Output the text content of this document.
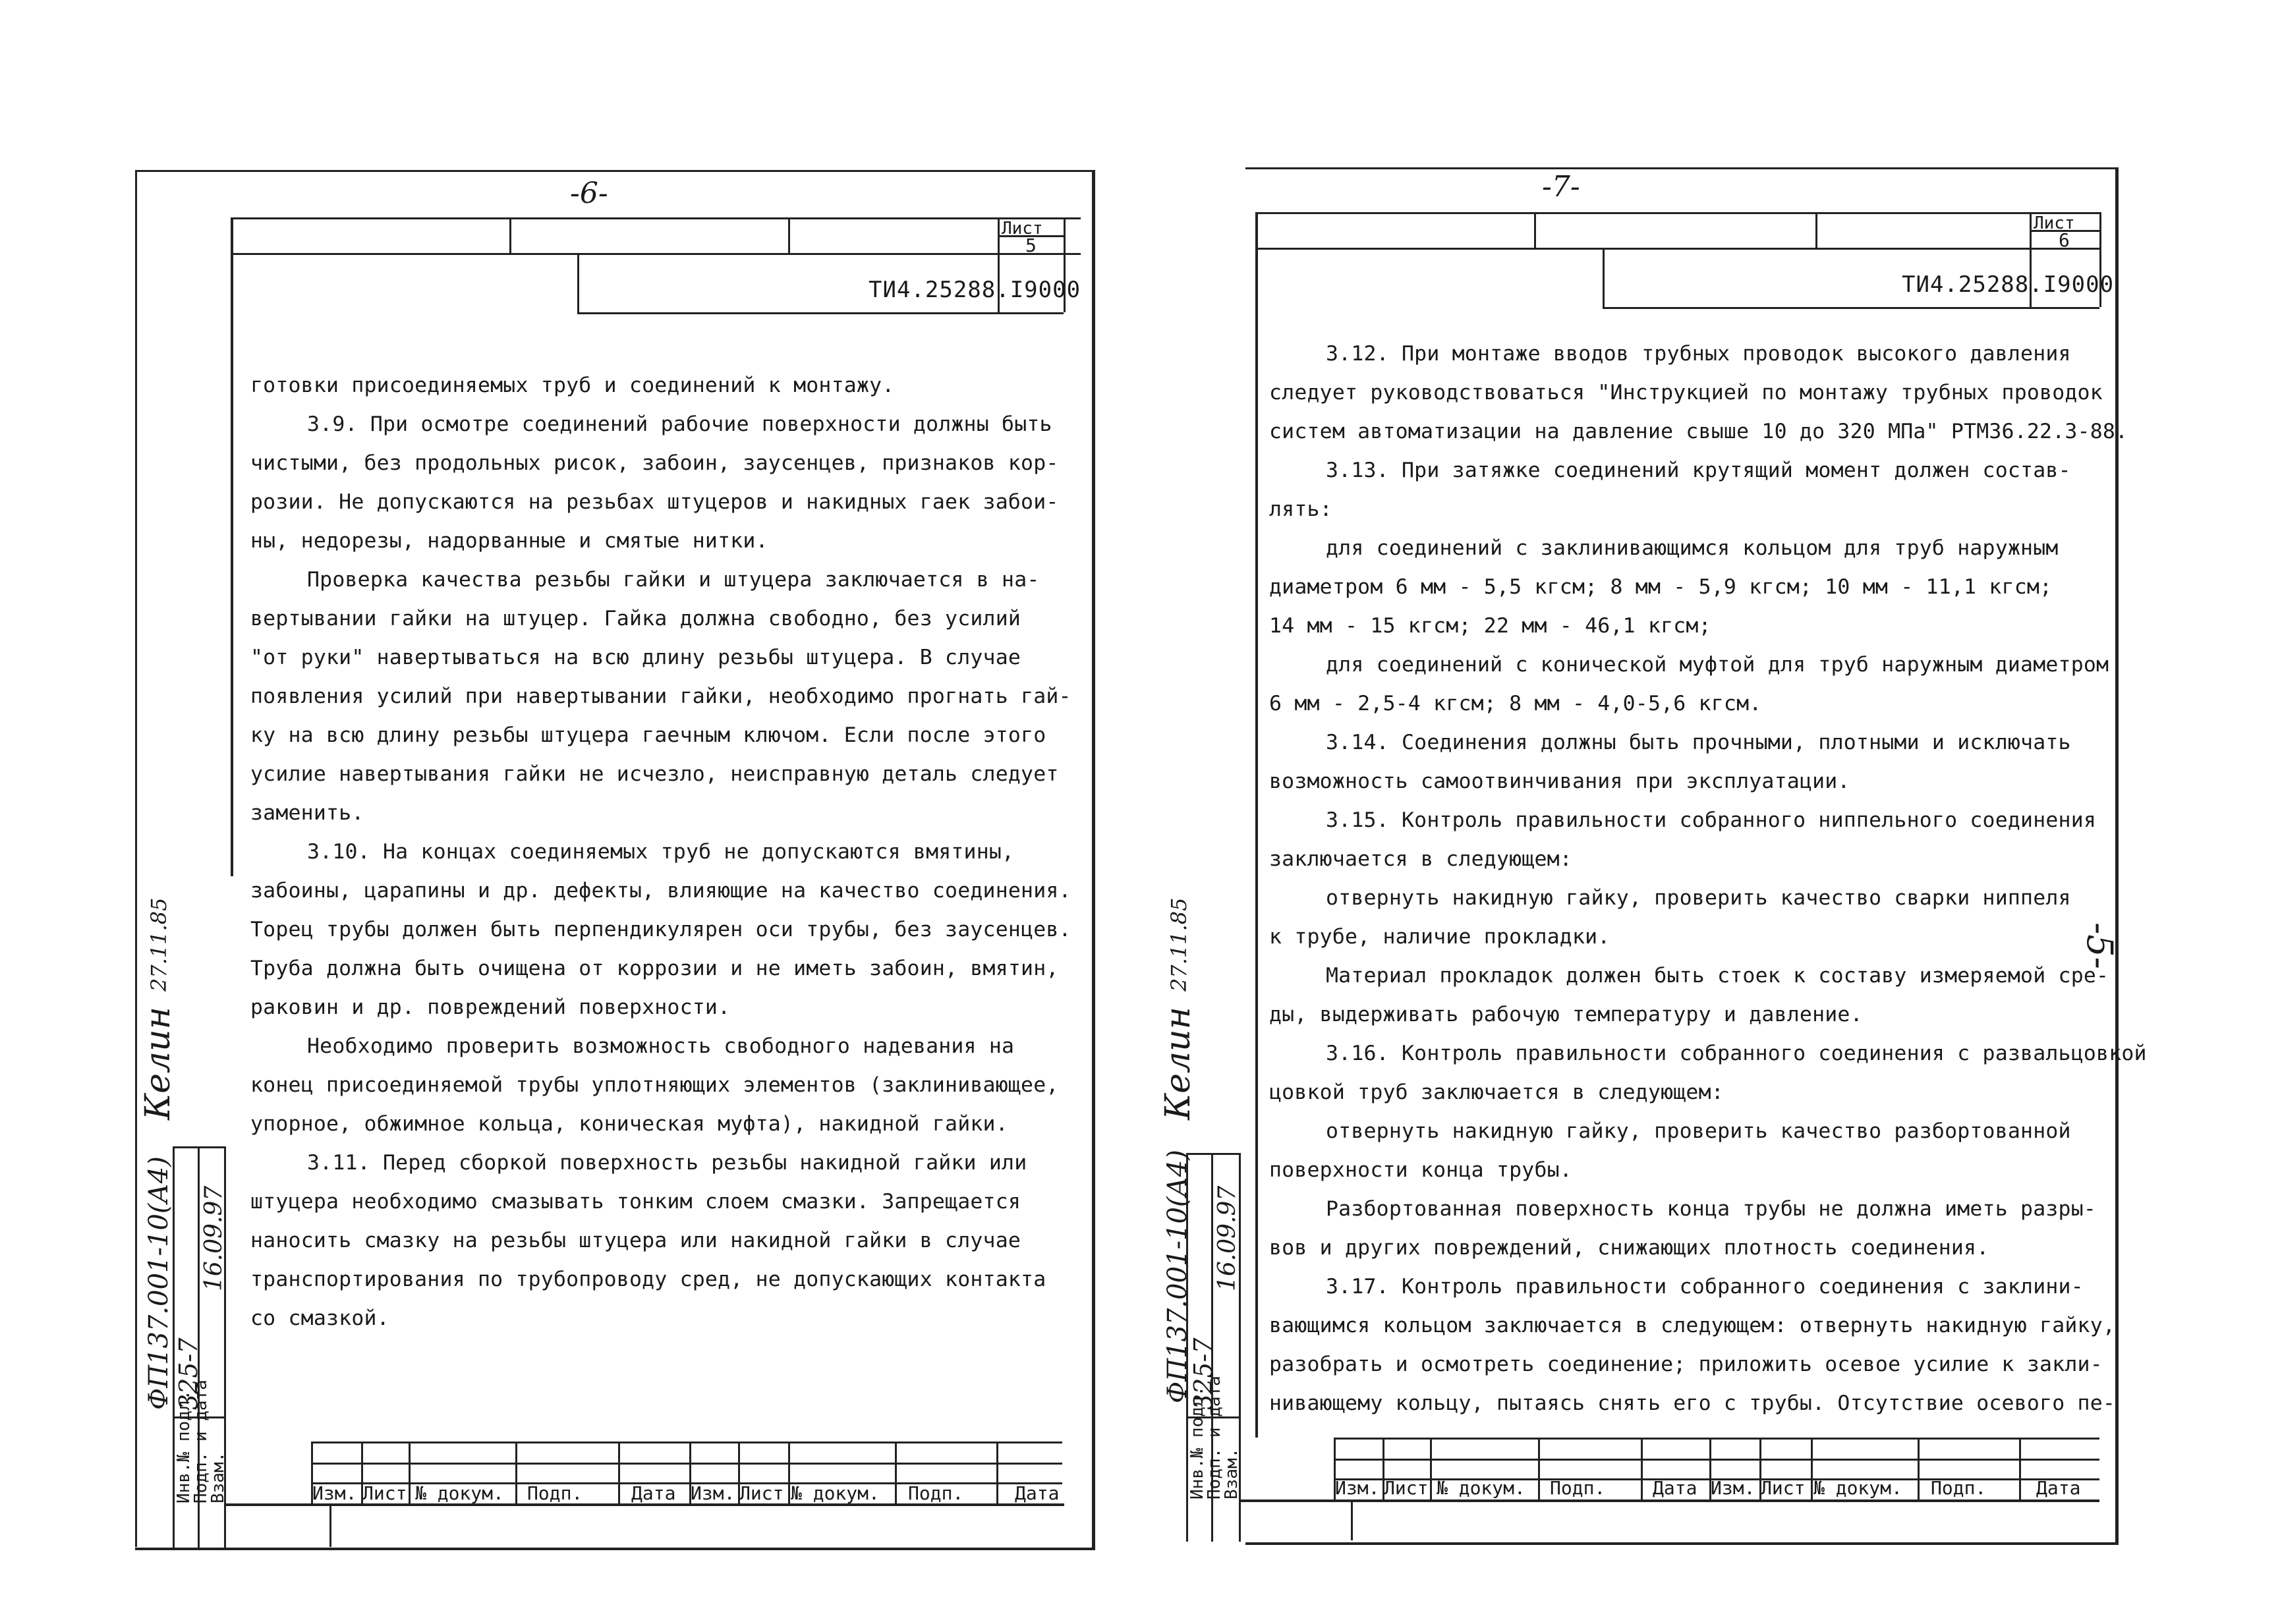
-6-
Лист
5
ТИ4.25288.I9000

готовки присоединяемых труб и соединений к монтажу.

3.9. При осмотре соединений рабочие поверхности должны быть

чистыми, без продольных рисок, забоин, заусенцев, признаков кор-

розии. Не допускаются на резьбах штуцеров и накидных гаек забои-

ны, недорезы, надорванные и смятые нитки.

Проверка качества резьбы гайки и штуцера заключается в на-

вертывании гайки на штуцер. Гайка должна свободно, без усилий

"от руки" навертываться на всю длину резьбы штуцера. В случае

появления усилий при навертывании гайки, необходимо прогнать гай-

ку на всю длину резьбы штуцера гаечным ключом. Если после этого

усилие навертывания гайки не исчезло, неисправную деталь следует

заменить.

3.10. На концах соединяемых труб не допускаются вмятины,

забоины, царапины и др. дефекты, влияющие на качество соединения.

Торец трубы должен быть перпендикулярен оси трубы, без заусенцев.

Труба должна быть очищена от коррозии и не иметь забоин, вмятин,

раковин и др. повреждений поверхности.

Необходимо проверить возможность свободного надевания на

конец присоединяемой трубы уплотняющих элементов (заклинивающее,

упорное, обжимное кольца, коническая муфта), накидной гайки.

3.11. Перед сборкой поверхность резьбы накидной гайки или

штуцера необходимо смазывать тонким слоем смазки. Запрещается

наносить смазку на резьбы штуцера или накидной гайки в случае

транспортирования по трубопроводу сред, не допускающих контакта

со смазкой.

Изм. Лист № докум. Подп.	Дата Изм. Лист № докум. Подп.	Дата
Инв.№ подл.
Подп. и дата
Взам.
ФП137.001-10(А4) 325-7
16.09.97
Келин
27.11.85
-7-
Лист
6
ТИ4.25288.I9000

3.12. При монтаже вводов трубных проводок высокого давления

следует руководствоваться "Инструкцией по монтажу трубных проводок

систем автоматизации на давление свыше 10 до 320 МПа" РТМ36.22.3-88.

3.13. При затяжке соединений крутящий момент должен состав-

лять:

для соединений с заклинивающимся кольцом для труб наружным

диаметром 6 мм - 5,5 кгсм; 8 мм - 5,9 кгсм; 10 мм - 11,1 кгсм;

14 мм - 15 кгсм; 22 мм - 46,1 кгсм;

для соединений с конической муфтой для труб наружным диаметром

6 мм - 2,5-4 кгсм; 8 мм - 4,0-5,6 кгсм.

3.14. Соединения должны быть прочными, плотными и исключать

возможность самоотвинчивания при эксплуатации.

3.15. Контроль правильности собранного ниппельного соединения

заключается в следующем:

отвернуть накидную гайку, проверить качество сварки ниппеля

к трубе, наличие прокладки.

Материал прокладок должен быть стоек к составу измеряемой сре-

ды, выдерживать рабочую температуру и давление.

3.16. Контроль правильности собранного соединения с развальцовкой

цовкой труб заключается в следующем:

отвернуть накидную гайку, проверить качество разбортованной

поверхности конца трубы.

Разбортованная поверхность конца трубы не должна иметь разры-

вов и других повреждений, снижающих плотность соединения.

3.17. Контроль правильности собранного соединения с заклини-

вающимся кольцом заключается в следующем: отвернуть накидную гайку,

разобрать и осмотреть соединение; приложить осевое усилие к закли-

нивающему кольцу, пытаясь снять его с трубы. Отсутствие осевого пе-

Изм. Лист № докум. Подп.	Дата Изм. Лист № докум. Подп.	Дата
Инв.№ подл.
Подп. и дата
Взам.
ФП137.001-10(А4)
325-7
16.09.97
Келин
27.11.85	-5-
